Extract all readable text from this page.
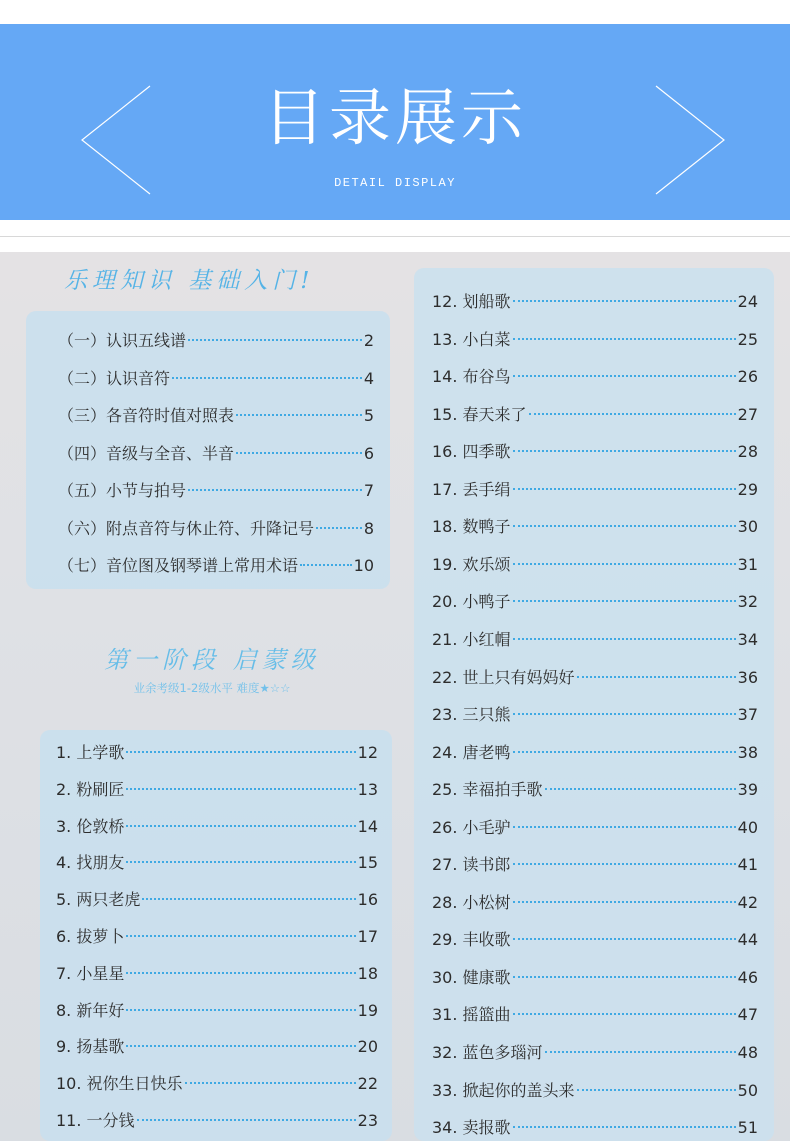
目录展示
DETAIL DISPLAY
乐理知识 基础入门!
第一阶段 启蒙级
业余考级1-2级水平 难度★☆☆
（一）认识五线谱	2
（二）认识音符	4
（三）各音符时值对照表	5
（四）音级与全音、半音	6
（五）小节与拍号	7
（六）附点音符与休止符、升降记号	8
（七）音位图及钢琴谱上常用术语	10
1. 上学歌	12
2. 粉刷匠	13
3. 伦敦桥	14
4. 找朋友	15
5. 两只老虎	16
6. 拔萝卜	17
7. 小星星	18
8. 新年好	19
9. 扬基歌	20
10. 祝你生日快乐	22
11. 一分钱	23
12. 划船歌	24
13. 小白菜	25
14. 布谷鸟	26
15. 春天来了	27
16. 四季歌	28
17. 丢手绢	29
18. 数鸭子	30
19. 欢乐颂	31
20. 小鸭子	32
21. 小红帽	34
22. 世上只有妈妈好	36
23. 三只熊	37
24. 唐老鸭	38
25. 幸福拍手歌	39
26. 小毛驴	40
27. 读书郎	41
28. 小松树	42
29. 丰收歌	44
30. 健康歌	46
31. 摇篮曲	47
32. 蓝色多瑙河	48
33. 掀起你的盖头来	50
34. 卖报歌	51
